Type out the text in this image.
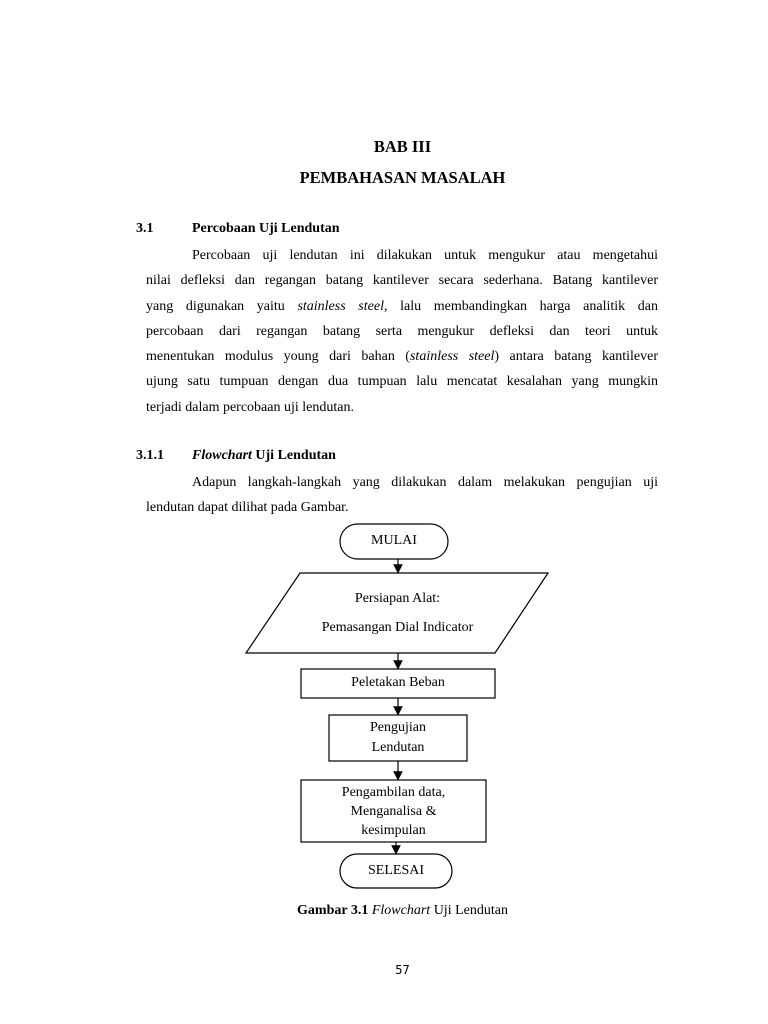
BAB III
PEMBAHASAN MASALAH
3.1	Percobaan Uji Lendutan
Percobaan uji lendutan ini dilakukan untuk mengukur atau mengetahui
nilai defleksi dan regangan batang kantilever secara sederhana. Batang kantilever
yang digunakan yaitu stainless steel, lalu membandingkan harga analitik dan
percobaan dari regangan batang serta mengukur defleksi dan teori untuk
menentukan modulus young dari bahan (stainless steel) antara batang kantilever
ujung satu tumpuan dengan dua tumpuan lalu mencatat kesalahan yang mungkin
terjadi dalam percobaan uji lendutan.
3.1.1 Flowchart Uji Lendutan
Adapun langkah-langkah yang dilakukan dalam melakukan pengujian uji
lendutan dapat dilihat pada Gambar.
MULAI
Persiapan Alat:
Pemasangan Dial Indicator
Peletakan Beban
Pengujian
Lendutan
Pengambilan data,
Menganalisa &
kesimpulan
SELESAI
Gambar 3.1 Flowchart Uji Lendutan
57
